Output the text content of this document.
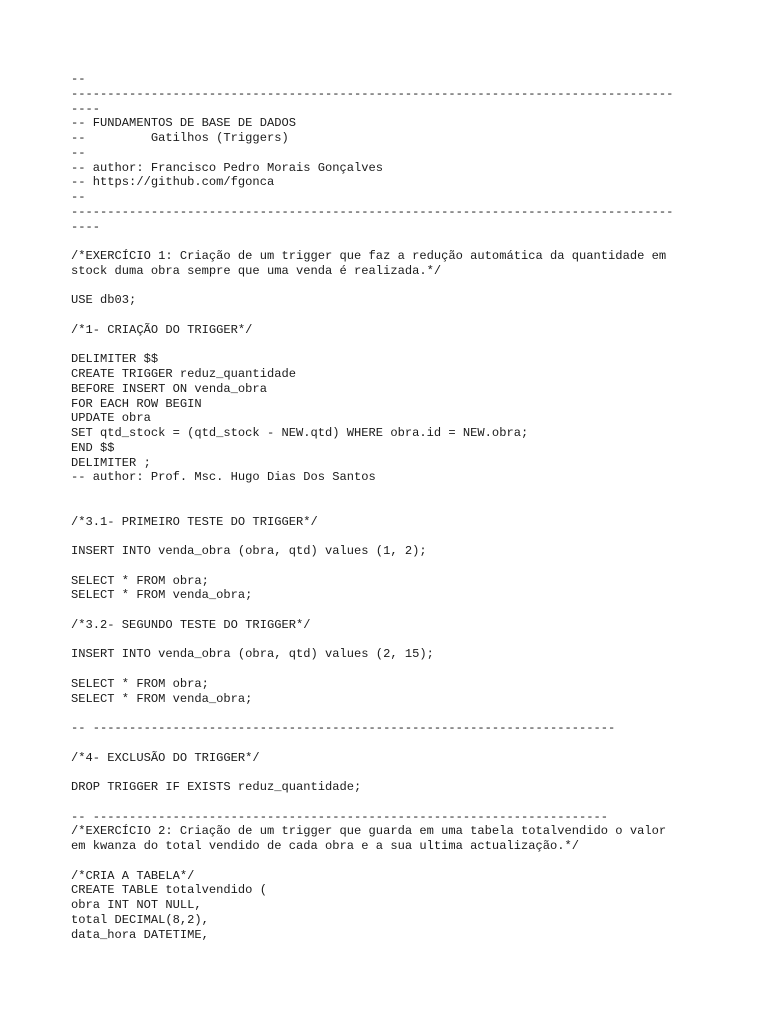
--
-----------------------------------------------------------------------------------
----
-- FUNDAMENTOS DE BASE DE DADOS
--         Gatilhos (Triggers)
--
-- author: Francisco Pedro Morais Gonçalves
-- https://github.com/fgonca
--
-----------------------------------------------------------------------------------
----
/*EXERCÍCIO 1: Criação de um trigger que faz a redução automática da quantidade em
stock duma obra sempre que uma venda é realizada.*/
USE db03;
/*1- CRIAÇÃO DO TRIGGER*/
DELIMITER $$
CREATE TRIGGER reduz_quantidade
BEFORE INSERT ON venda_obra
FOR EACH ROW BEGIN
UPDATE obra
SET qtd_stock = (qtd_stock - NEW.qtd) WHERE obra.id = NEW.obra;
END $$
DELIMITER ;
-- author: Prof. Msc. Hugo Dias Dos Santos
/*3.1- PRIMEIRO TESTE DO TRIGGER*/
INSERT INTO venda_obra (obra, qtd) values (1, 2);
SELECT * FROM obra;
SELECT * FROM venda_obra;
/*3.2- SEGUNDO TESTE DO TRIGGER*/
INSERT INTO venda_obra (obra, qtd) values (2, 15);
SELECT * FROM obra;
SELECT * FROM venda_obra;
-- ------------------------------------------------------------------------
/*4- EXCLUSÃO DO TRIGGER*/
DROP TRIGGER IF EXISTS reduz_quantidade;
-- -----------------------------------------------------------------------
/*EXERCÍCIO 2: Criação de um trigger que guarda em uma tabela totalvendido o valor
em kwanza do total vendido de cada obra e a sua ultima actualização.*/
/*CRIA A TABELA*/
CREATE TABLE totalvendido (
obra INT NOT NULL,
total DECIMAL(8,2),
data_hora DATETIME,
